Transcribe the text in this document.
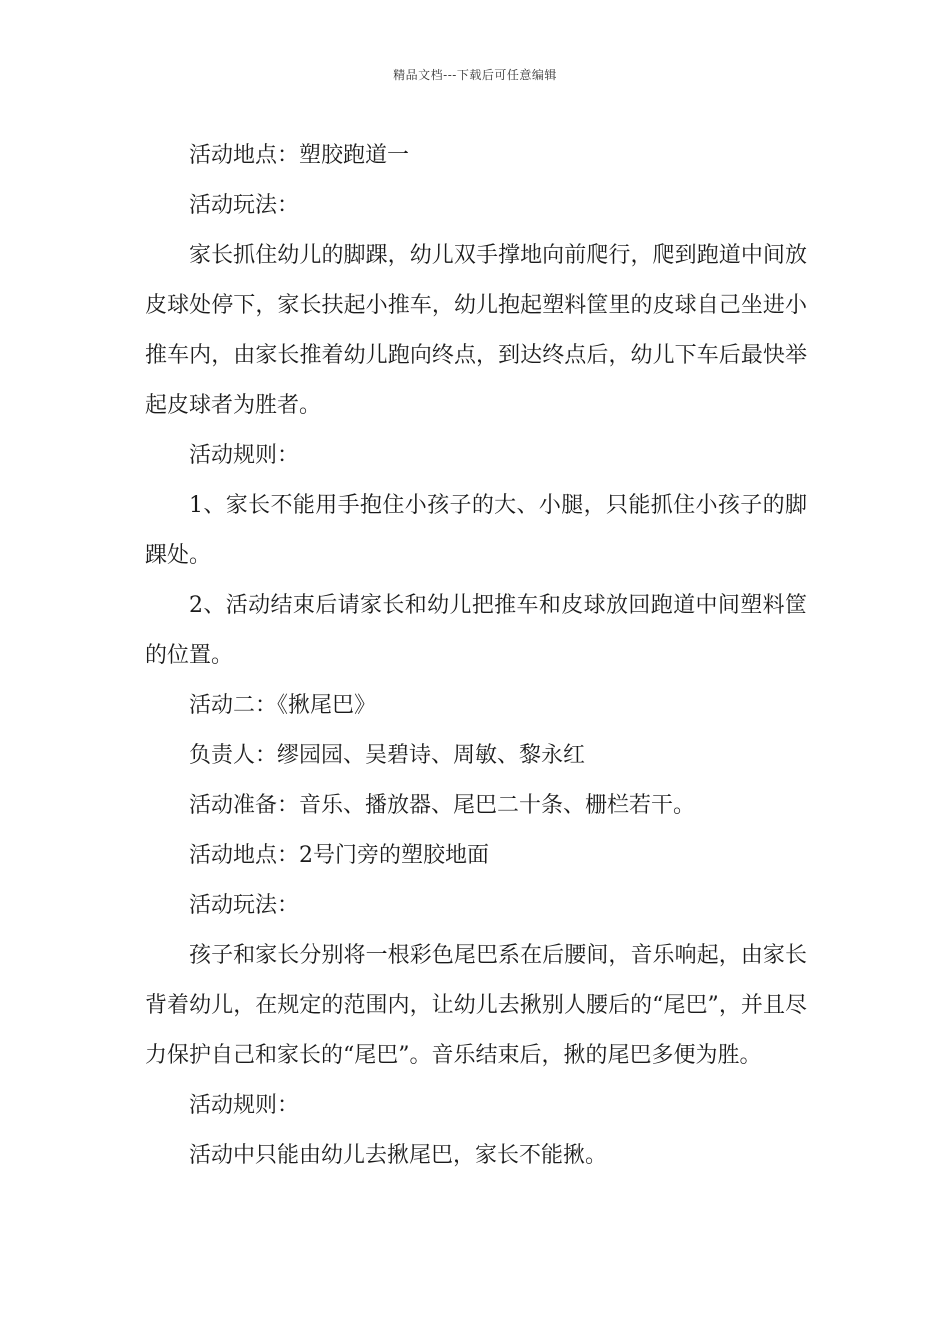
精品文档---下载后可任意编辑

活动地点：塑胶跑道一

活动玩法：

家长抓住幼儿的脚踝，幼儿双手撑地向前爬行，爬到跑道中间放皮球处停下，家长扶起小推车，幼儿抱起塑料筐里的皮球自己坐进小推车内，由家长推着幼儿跑向终点，到达终点后，幼儿下车后最快举起皮球者为胜者。

活动规则：

1、家长不能用手抱住小孩子的大、小腿，只能抓住小孩子的脚踝处。

2、活动结束后请家长和幼儿把推车和皮球放回跑道中间塑料筐的位置。

活动二：《揪尾巴》

负责人：缪园园、吴碧诗、周敏、黎永红

活动准备：音乐、播放器、尾巴二十条、栅栏若干。

活动地点：2号门旁的塑胶地面

活动玩法：

孩子和家长分别将一根彩色尾巴系在后腰间，音乐响起，由家长背着幼儿，在规定的范围内，让幼儿去揪别人腰后的“尾巴”，并且尽力保护自己和家长的“尾巴”。音乐结束后，揪的尾巴多便为胜。

活动规则：

活动中只能由幼儿去揪尾巴，家长不能揪。
